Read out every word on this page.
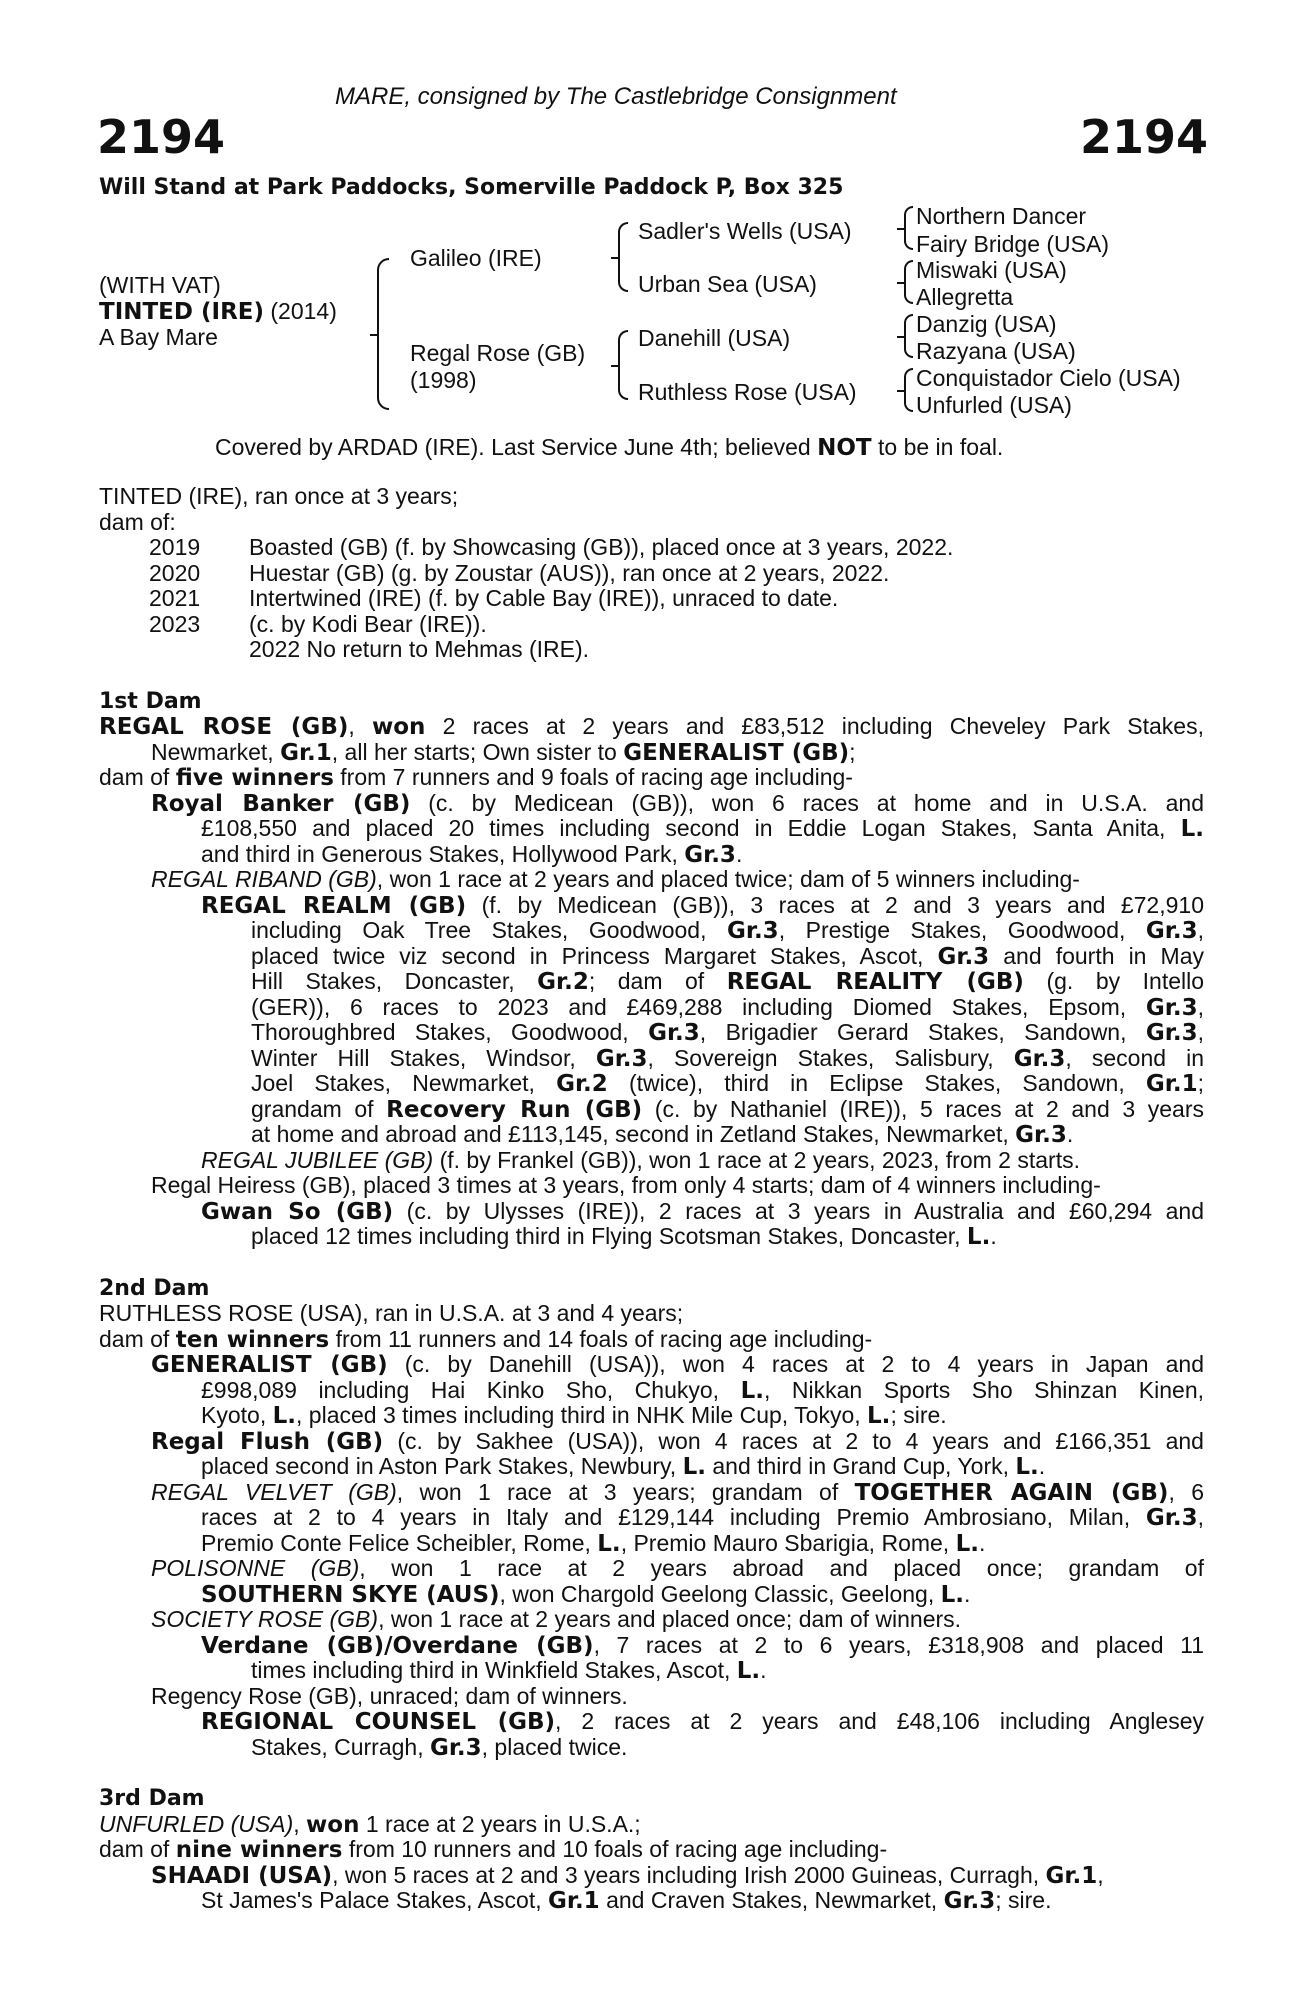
MARE, consigned by The Castlebridge Consignment
2194	2194
Will Stand at Park Paddocks, Somerville Paddock P, Box 325
(WITH VAT)
TINTED (IRE) (2014)
A Bay Mare
Galileo (IRE)
Regal Rose (GB)
(1998)
Sadler's Wells (USA)
Urban Sea (USA)
Danehill (USA)
Ruthless Rose (USA)
Northern Dancer
Fairy Bridge (USA)
Miswaki (USA)
Allegretta
Danzig (USA)
Razyana (USA)
Conquistador Cielo (USA)
Unfurled (USA)
Covered by ARDAD (IRE). Last Service June 4th; believed NOT to be in foal.
TINTED (IRE), ran once at 3 years;
dam of:
2019 Boasted (GB) (f. by Showcasing (GB)), placed once at 3 years, 2022.
2020 Huestar (GB) (g. by Zoustar (AUS)), ran once at 2 years, 2022.
2021 Intertwined (IRE) (f. by Cable Bay (IRE)), unraced to date.
2023 (c. by Kodi Bear (IRE)).
2022 No return to Mehmas (IRE).
1st Dam
REGAL ROSE (GB), won 2 races at 2 years and £83,512 including Cheveley Park Stakes,
Newmarket, Gr.1, all her starts; Own sister to GENERALIST (GB);
dam of five winners from 7 runners and 9 foals of racing age including-
Royal Banker (GB) (c. by Medicean (GB)), won 6 races at home and in U.S.A. and
£108,550 and placed 20 times including second in Eddie Logan Stakes, Santa Anita, L.
and third in Generous Stakes, Hollywood Park, Gr.3.
REGAL RIBAND (GB), won 1 race at 2 years and placed twice; dam of 5 winners including-
REGAL REALM (GB) (f. by Medicean (GB)), 3 races at 2 and 3 years and £72,910
including Oak Tree Stakes, Goodwood, Gr.3, Prestige Stakes, Goodwood, Gr.3,
placed twice viz second in Princess Margaret Stakes, Ascot, Gr.3 and fourth in May
Hill Stakes, Doncaster, Gr.2; dam of REGAL REALITY (GB) (g. by Intello
(GER)), 6 races to 2023 and £469,288 including Diomed Stakes, Epsom, Gr.3,
Thoroughbred Stakes, Goodwood, Gr.3, Brigadier Gerard Stakes, Sandown, Gr.3,
Winter Hill Stakes, Windsor, Gr.3, Sovereign Stakes, Salisbury, Gr.3, second in
Joel Stakes, Newmarket, Gr.2 (twice), third in Eclipse Stakes, Sandown, Gr.1;
grandam of Recovery Run (GB) (c. by Nathaniel (IRE)), 5 races at 2 and 3 years
at home and abroad and £113,145, second in Zetland Stakes, Newmarket, Gr.3.
REGAL JUBILEE (GB) (f. by Frankel (GB)), won 1 race at 2 years, 2023, from 2 starts.
Regal Heiress (GB), placed 3 times at 3 years, from only 4 starts; dam of 4 winners including-
Gwan So (GB) (c. by Ulysses (IRE)), 2 races at 3 years in Australia and £60,294 and
placed 12 times including third in Flying Scotsman Stakes, Doncaster, L..
2nd Dam
RUTHLESS ROSE (USA), ran in U.S.A. at 3 and 4 years;
dam of ten winners from 11 runners and 14 foals of racing age including-
GENERALIST (GB) (c. by Danehill (USA)), won 4 races at 2 to 4 years in Japan and
£998,089 including Hai Kinko Sho, Chukyo, L., Nikkan Sports Sho Shinzan Kinen,
Kyoto, L., placed 3 times including third in NHK Mile Cup, Tokyo, L.; sire.
Regal Flush (GB) (c. by Sakhee (USA)), won 4 races at 2 to 4 years and £166,351 and
placed second in Aston Park Stakes, Newbury, L. and third in Grand Cup, York, L..
REGAL VELVET (GB), won 1 race at 3 years; grandam of TOGETHER AGAIN (GB), 6
races at 2 to 4 years in Italy and £129,144 including Premio Ambrosiano, Milan, Gr.3,
Premio Conte Felice Scheibler, Rome, L., Premio Mauro Sbarigia, Rome, L..
POLISONNE (GB), won 1 race at 2 years abroad and placed once; grandam of
SOUTHERN SKYE (AUS), won Chargold Geelong Classic, Geelong, L..
SOCIETY ROSE (GB), won 1 race at 2 years and placed once; dam of winners.
Verdane (GB)/Overdane (GB), 7 races at 2 to 6 years, £318,908 and placed 11
times including third in Winkfield Stakes, Ascot, L..
Regency Rose (GB), unraced; dam of winners.
REGIONAL COUNSEL (GB), 2 races at 2 years and £48,106 including Anglesey
Stakes, Curragh, Gr.3, placed twice.
3rd Dam
UNFURLED (USA), won 1 race at 2 years in U.S.A.;
dam of nine winners from 10 runners and 10 foals of racing age including-
SHAADI (USA), won 5 races at 2 and 3 years including Irish 2000 Guineas, Curragh, Gr.1,
St James's Palace Stakes, Ascot, Gr.1 and Craven Stakes, Newmarket, Gr.3; sire.
